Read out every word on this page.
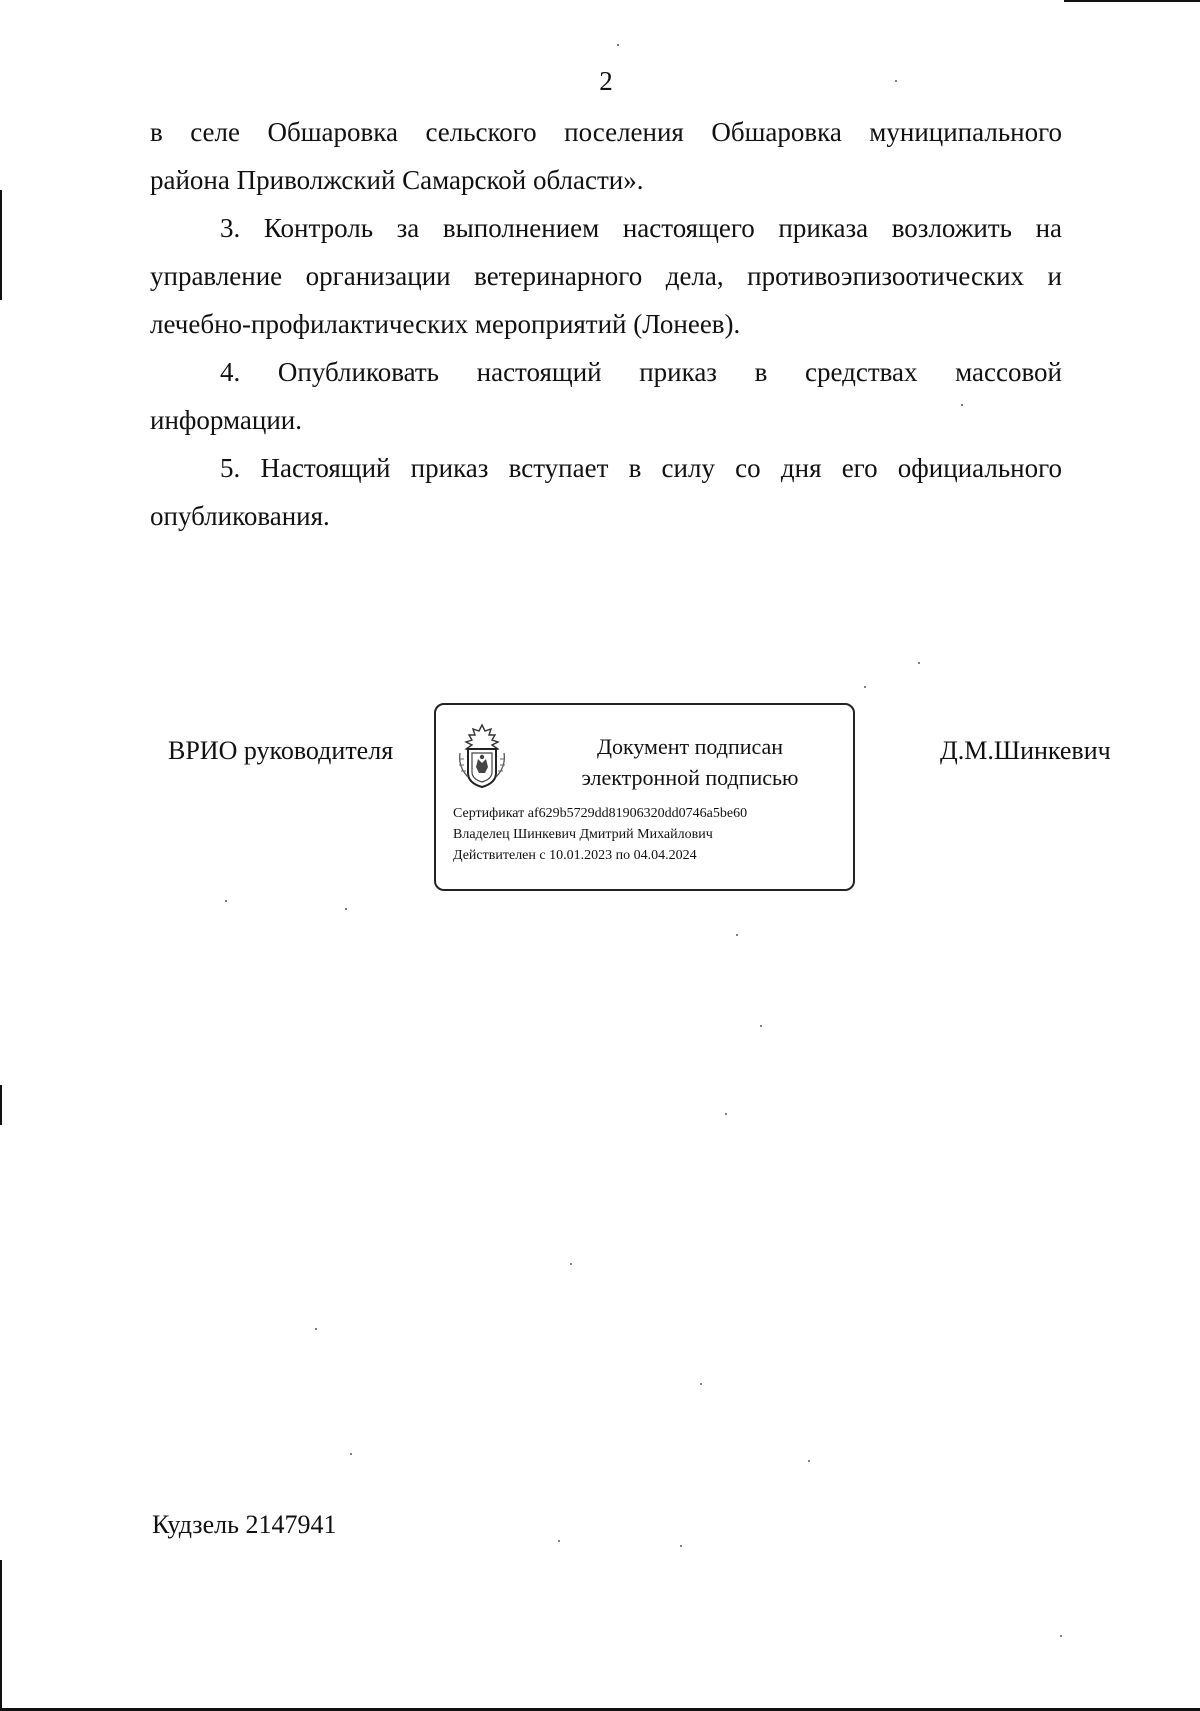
2

в селе Обшаровка сельского поселения Обшаровка муниципального
района Приволжский Самарской области».

3. Контроль за выполнением настоящего приказа возложить на управление организации ветеринарного дела, противоэпизоотических и лечебно-профилактических мероприятий (Лонеев).

4. Опубликовать настоящий приказ в средствах массовой информации.

5. Настоящий приказ вступает в силу со дня его официального опубликования.

ВРИО руководителя	Документ подписан
электронной подписью
Сертификат af629b5729dd81906320dd0746a5be60
Владелец Шинкевич Дмитрий Михайлович
Действителен с 10.01.2023 по 04.04.2024
Д.М.Шинкевич
Кудзель 2147941
